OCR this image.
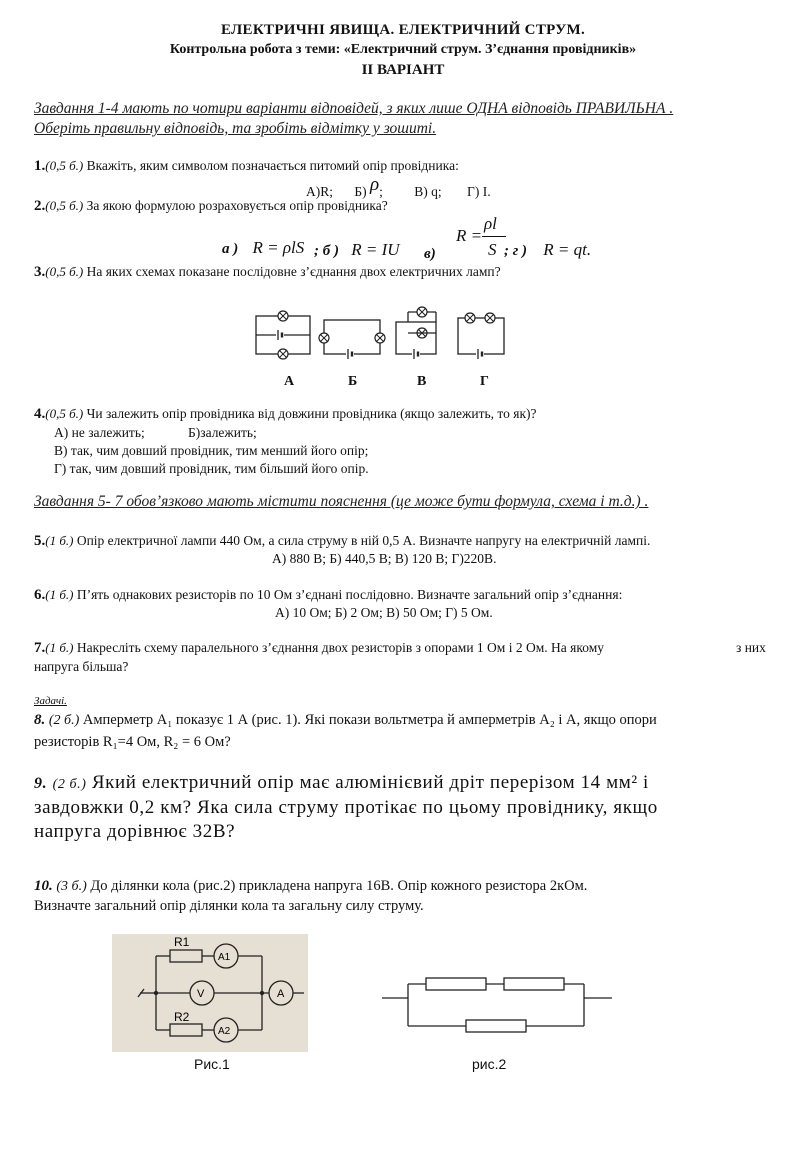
ЕЛЕКТРИЧНІ ЯВИЩА. ЕЛЕКТРИЧНИЙ СТРУМ.
Контрольна робота з теми: «Електричний струм. З’єднання провідників»
II ВАРІАНТ
Завдання 1-4 мають по чотири варіанти відповідей, з яких лише ОДНА відповідь ПРАВИЛЬНА .
Оберіть правильну відповідь, та зробіть відмітку у зошиті.
1.(0,5 б.) Вкажіть, яким символом позначається питомий опір провідника:
А)R; Б) ρ; В) q; Г) I.
2.(0,5 б.) За якою формулою розраховується опір провідника?
а ) R = ρlS ; б ) R = IU в)
R =
ρl
S ; г ) R = qt.
3.(0,5 б.) На яких схемах показане послідовне з’єднання двох електричних ламп?
А	Б	В	Г
4.(0,5 б.) Чи залежить опір провідника від довжини провідника (якщо залежить, то як)?
А) не залежить;	Б)залежить;
В) так, чим довший провідник, тим менший його опір;
Г) так, чим довший провідник, тим більший його опір.
Завдання 5- 7 обов’язково мають містити пояснення (це може бути формула, схема і т.д.) .
5.(1 б.) Опір електричної лампи 440 Ом, а сила струму в ній 0,5 А. Визначте напругу на електричній лампі.
А) 880 В; Б) 440,5 В; В) 120 В; Г)220В.
6.(1 б.) П’ять однакових резисторів по 10 Ом з’єднані послідовно. Визначте загальний опір з’єднання:
А) 10 Ом; Б) 2 Ом; В) 50 Ом; Г) 5 Ом.
7.(1 б.) Накресліть схему паралельного з’єднання двох резисторів з опорами 1 Ом і 2 Ом. На якому	з них
напруга більша?
Задачі.
8. (2 б.) Амперметр А₁ показує 1 А (рис. 1). Які покази вольтметра й амперметрів А₂ і А, якщо опори
резисторів R₁=4 Ом, R₂ = 6 Ом?
9. (2 б.) Який електричний опір має алюмінієвий дріт перерізом 14 мм² і
завдовжки 0,2 км? Яка сила струму протікає по цьому провіднику, якщо
напруга дорівнює 32В?
10. (3 б.) До ділянки кола (рис.2) прикладена напруга 16В. Опір кожного резистора 2кОм.
Визначте загальний опір ділянки кола та загальну силу струму.
R1
A1
V
R2
A2
A
Рис.1	рис.2
